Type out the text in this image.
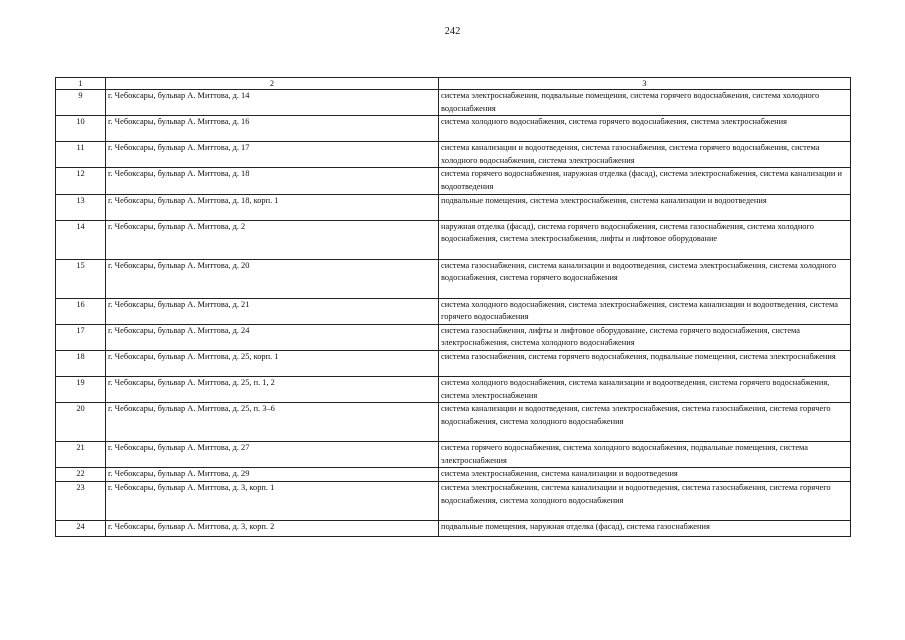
242
1	2	3
9	г. Чебоксары, бульвар А. Миттова, д. 14	система электроснабжения, подвальные помещения, система горячего водоснабжения, система холодного водоснабжения
10	г. Чебоксары, бульвар А. Миттова, д. 16	система холодного водоснабжения, система горячего водоснабжения, система электроснабжения
11	г. Чебоксары, бульвар А. Миттова, д. 17	система канализации и водоотведения, система газоснабжения, система горячего водоснабжения, система холодного водоснабжения, система электроснабжения
12	г. Чебоксары, бульвар А. Миттова, д. 18	система горячего водоснабжения, наружная отделка (фасад), система электроснабжения, система канализации и водоотведения
13	г. Чебоксары, бульвар А. Миттова, д. 18, корп. 1	подвальные помещения, система электроснабжения, система канализации и водоотведения
14	г. Чебоксары, бульвар А. Миттова, д. 2	наружная отделка (фасад), система горячего водоснабжения, система газоснабжения, система холодного водоснабжения, система электроснабжения, лифты и лифтовое оборудование
15	г. Чебоксары, бульвар А. Миттова, д. 20	система газоснабжения, система канализации и водоотведения, система электроснабжения, система холодного водоснабжения, система горячего водоснабжения
16	г. Чебоксары, бульвар А. Миттова, д. 21	система холодного водоснабжения, система электроснабжения, система канализации и водоотведения, система горячего водоснабжения
17	г. Чебоксары, бульвар А. Миттова, д. 24	система газоснабжения, лифты и лифтовое оборудование, система горячего водоснабжения, система электроснабжения, система холодного водоснабжения
18	г. Чебоксары, бульвар А. Миттова, д. 25, корп. 1	система газоснабжения, система горячего водоснабжения, подвальные помещения, система электроснабжения
19	г. Чебоксары, бульвар А. Миттова, д. 25, п. 1, 2	система холодного водоснабжения, система канализации и водоотведения, система горячего водоснабжения, система электроснабжения
20	г. Чебоксары, бульвар А. Миттова, д. 25, п. 3–6	система канализации и водоотведения, система электроснабжения, система газоснабжения, система горячего водоснабжения, система холодного водоснабжения
21	г. Чебоксары, бульвар А. Миттова, д. 27	система горячего водоснабжения, система холодного водоснабжения, подвальные помещения, система электроснабжения
22	г. Чебоксары, бульвар А. Миттова, д. 29	система электроснабжения, система канализации и водоотведения
23	г. Чебоксары, бульвар А. Миттова, д. 3, корп. 1	система электроснабжения, система канализации и водоотведения, система газоснабжения, система горячего водоснабжения, система холодного водоснабжения
24	г. Чебоксары, бульвар А. Миттова, д. 3, корп. 2	подвальные помещения, наружная отделка (фасад), система газоснабжения
